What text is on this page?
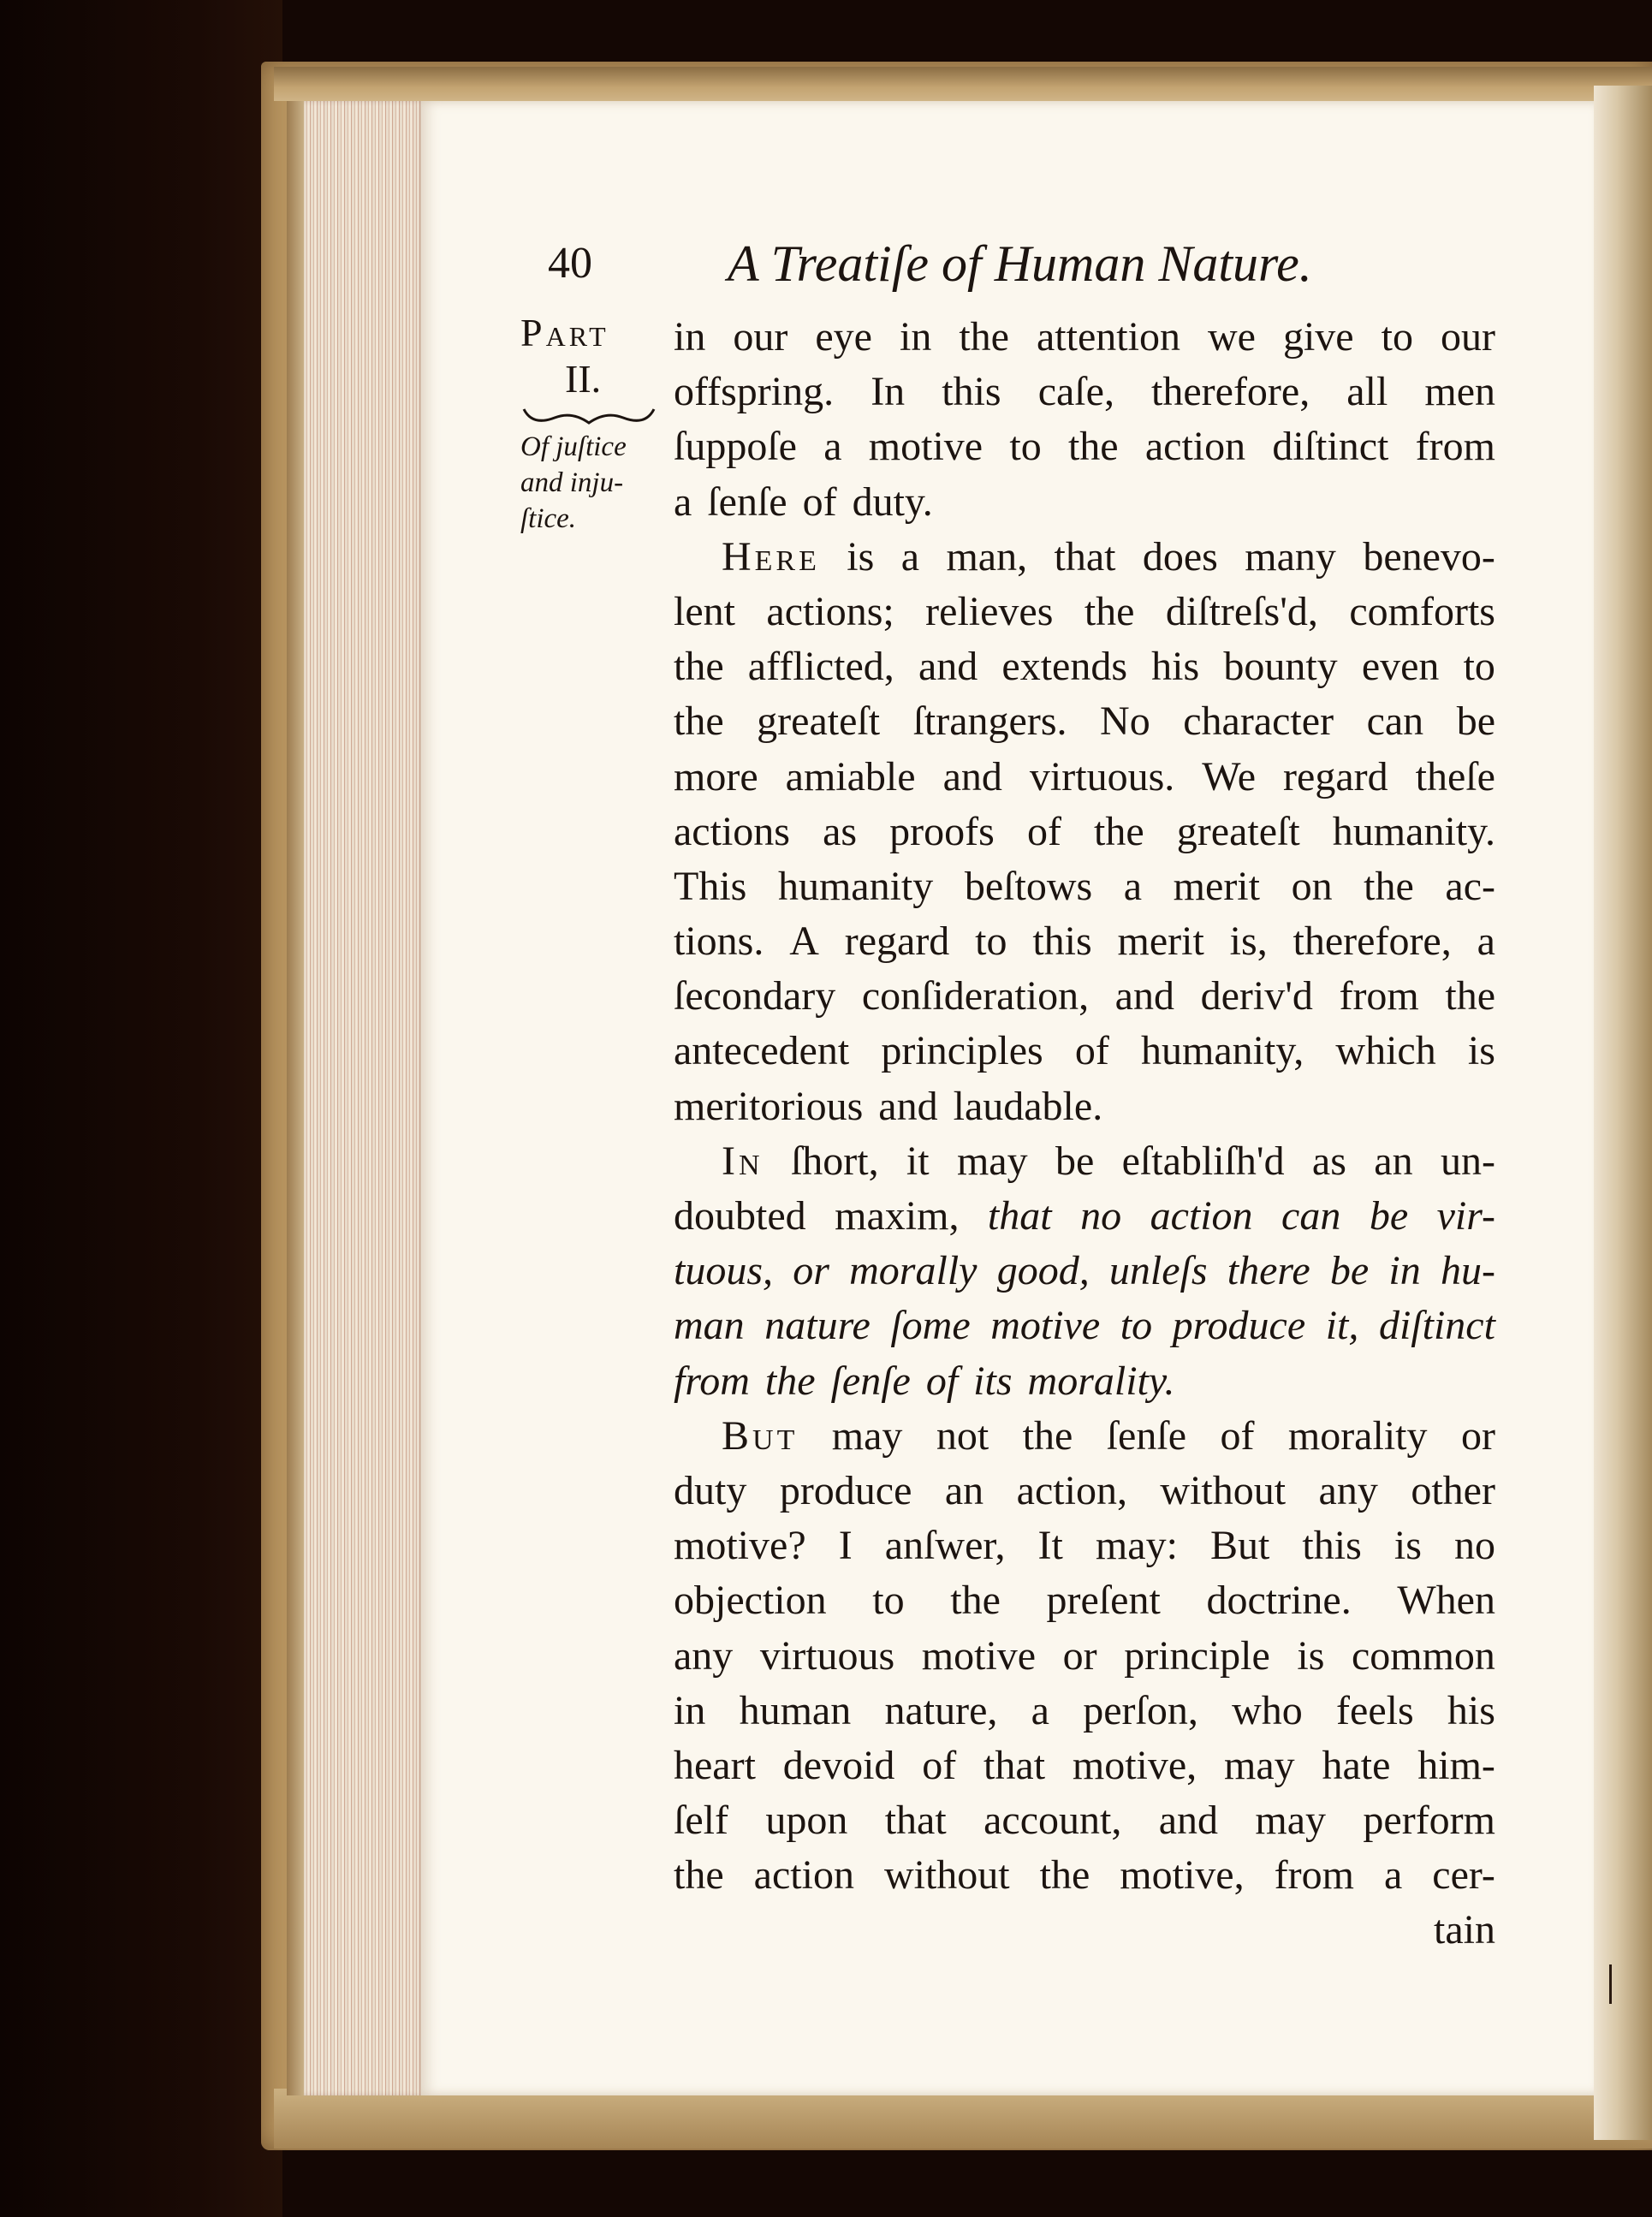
40	A Treatiſe of Human Nature.
Part
II.
Of juſtice
and inju-
ſtice.
in our eye in the attention we give to our
offspring. In this caſe, therefore, all men
ſuppoſe a motive to the action diſtinct from
a ſenſe of duty.
Here is a man, that does many benevo-
lent actions; relieves the diſtreſs'd, comforts
the afflicted, and extends his bounty even to
the greateſt ſtrangers. No character can be
more amiable and virtuous. We regard theſe
actions as proofs of the greateſt humanity.
This humanity beſtows a merit on the ac-
tions. A regard to this merit is, therefore, a
ſecondary conſideration, and deriv'd from the
antecedent principles of humanity, which is
meritorious and laudable.
In ſhort, it may be eſtabliſh'd as an un-
doubted maxim, that no action can be vir-
tuous, or morally good, unleſs there be in hu-
man nature ſome motive to produce it, diſtinct
from the ſenſe of its morality.
But may not the ſenſe of morality or
duty produce an action, without any other
motive? I anſwer, It may: But this is no
objection to the preſent doctrine. When
any virtuous motive or principle is common
in human nature, a perſon, who feels his
heart devoid of that motive, may hate him-
ſelf upon that account, and may perform
the action without the motive, from a cer-
tain
